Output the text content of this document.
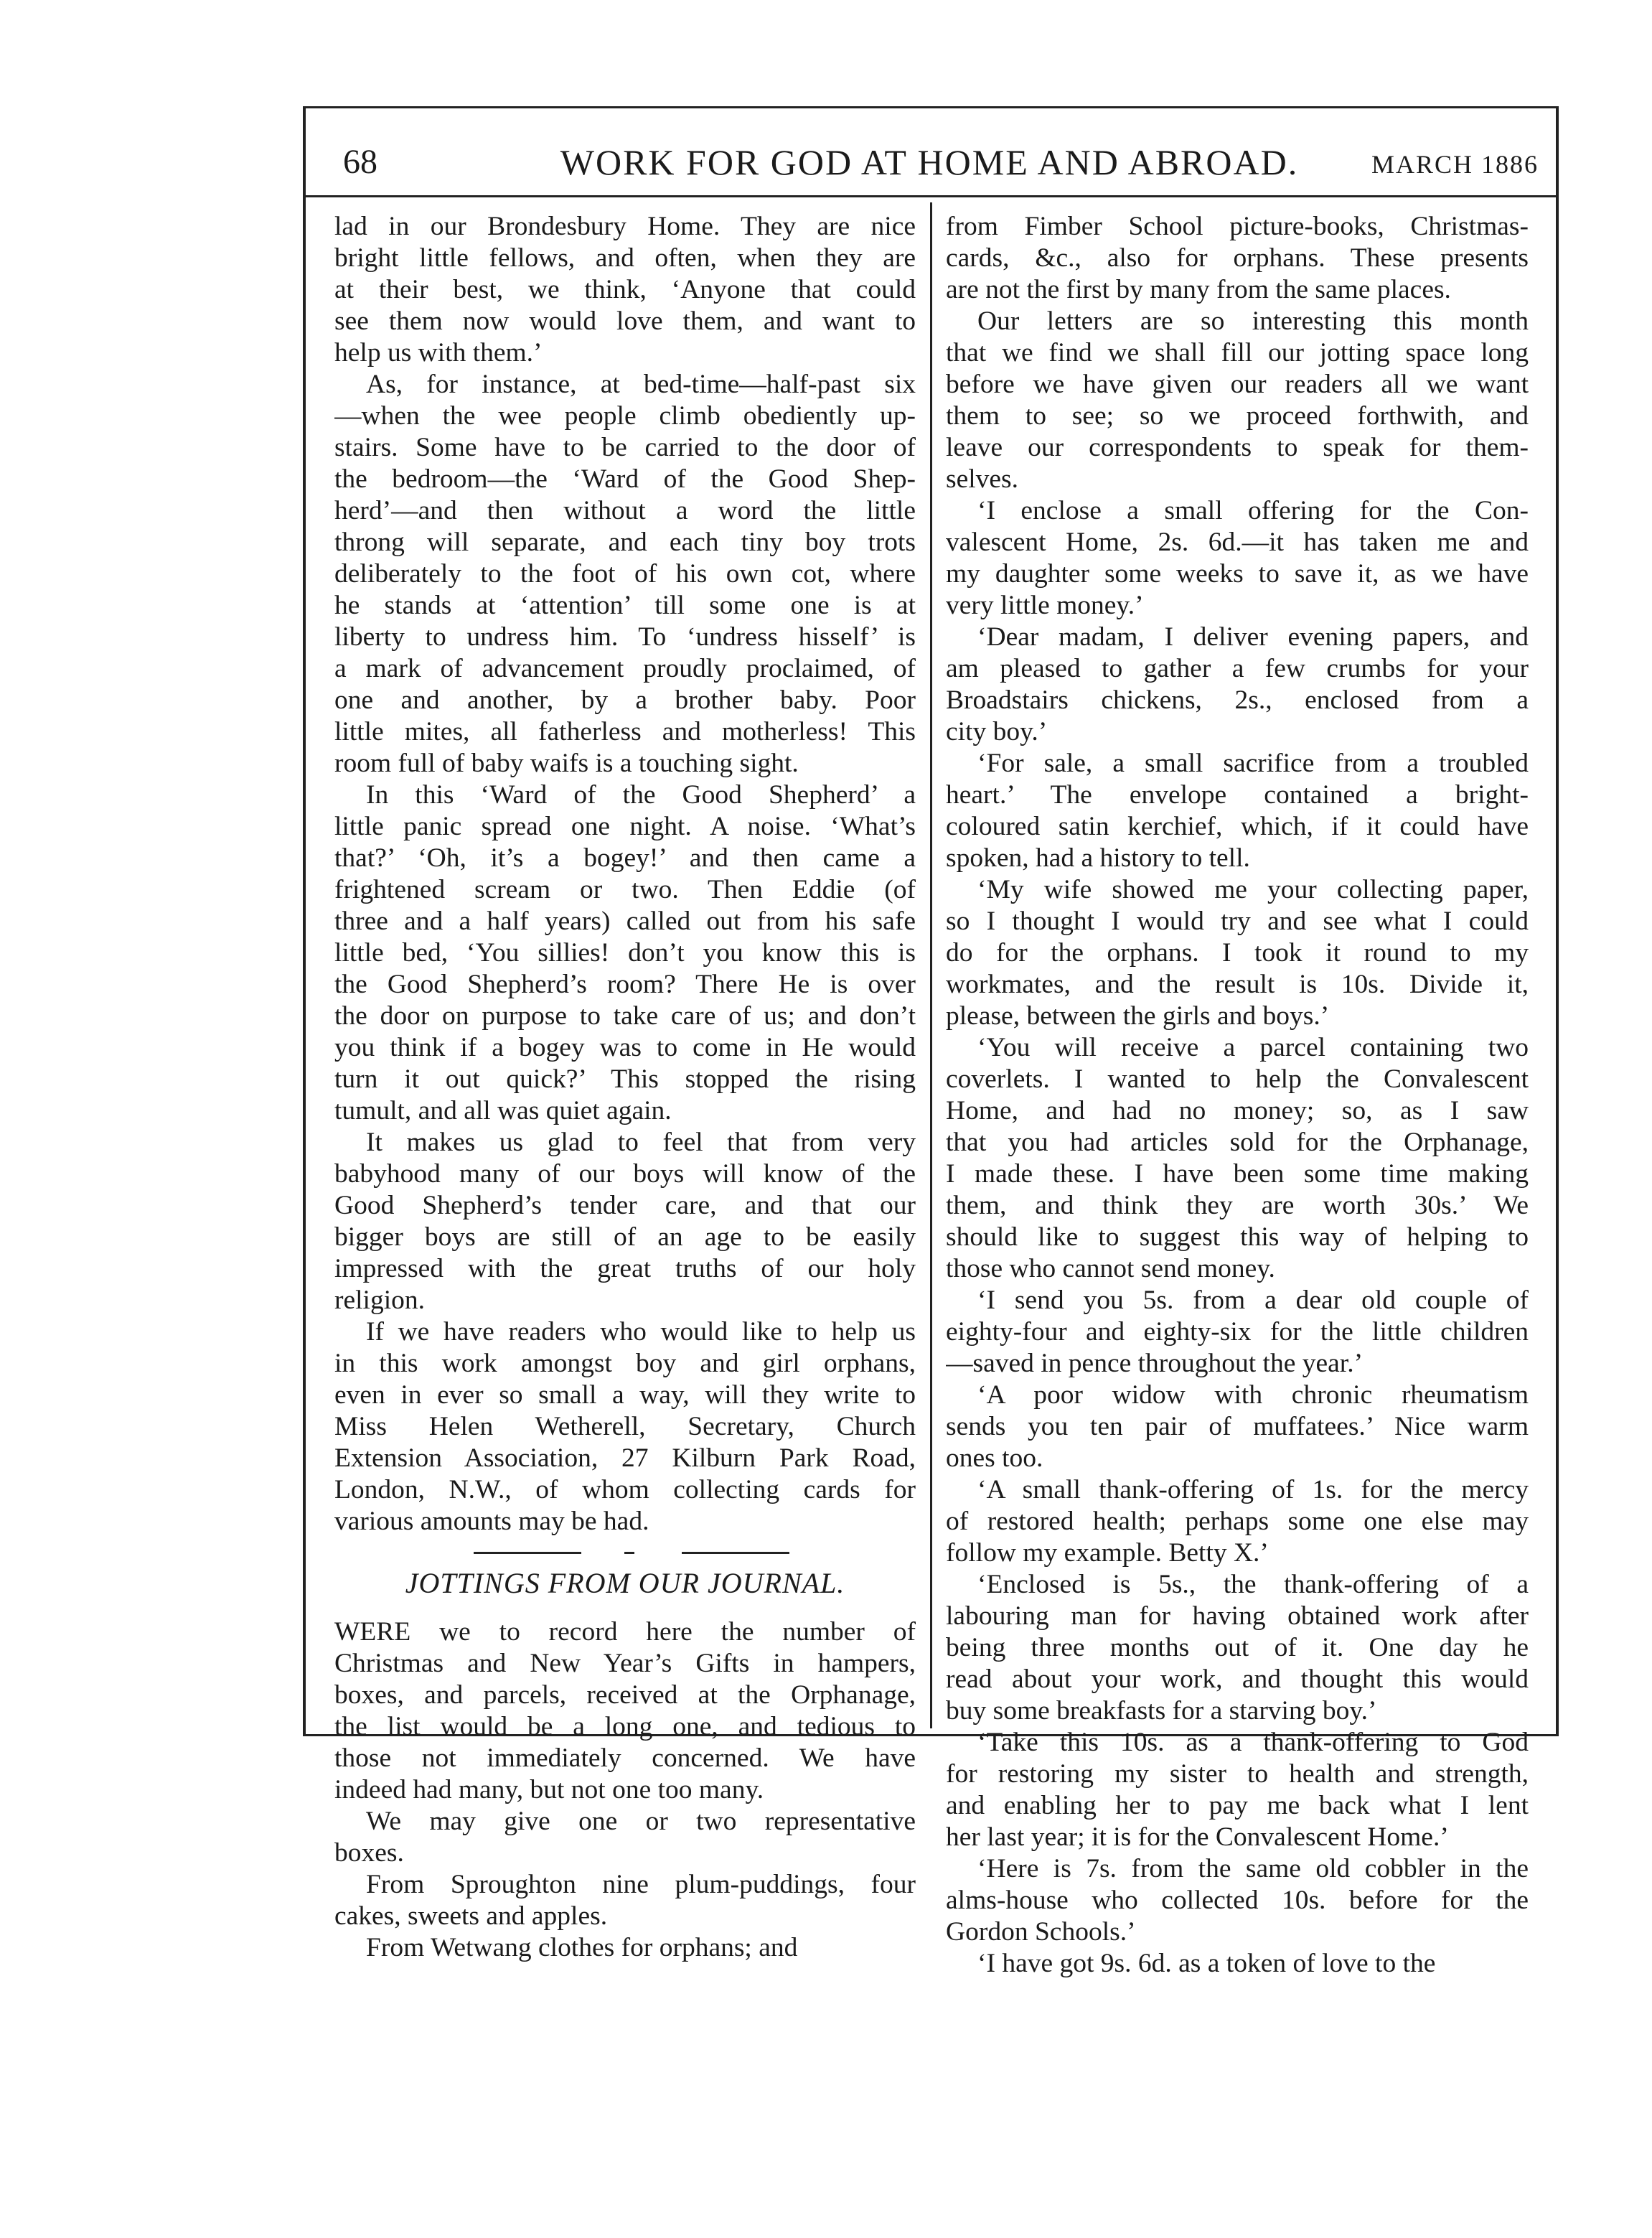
68	WORK FOR GOD AT HOME AND ABROAD.	MARCH 1886
lad in our Brondesbury Home. They are nice
bright little fellows, and often, when they are
at their best, we think, ‘Anyone that could
see them now would love them, and want to
help us with them.’
As, for instance, at bed-time—half-past six
—when the wee people climb obediently up-
stairs. Some have to be carried to the door of
the bedroom—the ‘Ward of the Good Shep-
herd’—and then without a word the little
throng will separate, and each tiny boy trots
deliberately to the foot of his own cot, where
he stands at ‘attention’ till some one is at
liberty to undress him. To ‘undress hisself’ is
a mark of advancement proudly proclaimed, of
one and another, by a brother baby. Poor
little mites, all fatherless and motherless! This
room full of baby waifs is a touching sight.
In this ‘Ward of the Good Shepherd’ a
little panic spread one night. A noise. ‘What’s
that?’ ‘Oh, it’s a bogey!’ and then came a
frightened scream or two. Then Eddie (of
three and a half years) called out from his safe
little bed, ‘You sillies! don’t you know this is
the Good Shepherd’s room? There He is over
the door on purpose to take care of us; and don’t
you think if a bogey was to come in He would
turn it out quick?’ This stopped the rising
tumult, and all was quiet again.
It makes us glad to feel that from very
babyhood many of our boys will know of the
Good Shepherd’s tender care, and that our
bigger boys are still of an age to be easily
impressed with the great truths of our holy
religion.
If we have readers who would like to help us
in this work amongst boy and girl orphans,
even in ever so small a way, will they write to
Miss Helen Wetherell, Secretary, Church
Extension Association, 27 Kilburn Park Road,
London, N.W., of whom collecting cards for
various amounts may be had.
JOTTINGS FROM OUR JOURNAL.
WERE we to record here the number of
Christmas and New Year’s Gifts in hampers,
boxes, and parcels, received at the Orphanage,
the list would be a long one, and tedious to
those not immediately concerned. We have
indeed had many, but not one too many.
We may give one or two representative
boxes.
From Sproughton nine plum-puddings, four
cakes, sweets and apples.
From Wetwang clothes for orphans; and
from Fimber School picture-books, Christmas-
cards, &c., also for orphans. These presents
are not the first by many from the same places.
Our letters are so interesting this month
that we find we shall fill our jotting space long
before we have given our readers all we want
them to see; so we proceed forthwith, and
leave our correspondents to speak for them-
selves.
‘I enclose a small offering for the Con-
valescent Home, 2s. 6d.—it has taken me and
my daughter some weeks to save it, as we have
very little money.’
‘Dear madam, I deliver evening papers, and
am pleased to gather a few crumbs for your
Broadstairs chickens, 2s., enclosed from a
city boy.’
‘For sale, a small sacrifice from a troubled
heart.’ The envelope contained a bright-
coloured satin kerchief, which, if it could have
spoken, had a history to tell.
‘My wife showed me your collecting paper,
so I thought I would try and see what I could
do for the orphans. I took it round to my
workmates, and the result is 10s. Divide it,
please, between the girls and boys.’
‘You will receive a parcel containing two
coverlets. I wanted to help the Convalescent
Home, and had no money; so, as I saw
that you had articles sold for the Orphanage,
I made these. I have been some time making
them, and think they are worth 30s.’ We
should like to suggest this way of helping to
those who cannot send money.
‘I send you 5s. from a dear old couple of
eighty-four and eighty-six for the little children
—saved in pence throughout the year.’
‘A poor widow with chronic rheumatism
sends you ten pair of muffatees.’ Nice warm
ones too.
‘A small thank-offering of 1s. for the mercy
of restored health; perhaps some one else may
follow my example. Betty X.’
‘Enclosed is 5s., the thank-offering of a
labouring man for having obtained work after
being three months out of it. One day he
read about your work, and thought this would
buy some breakfasts for a starving boy.’
‘Take this 10s. as a thank-offering to God
for restoring my sister to health and strength,
and enabling her to pay me back what I lent
her last year; it is for the Convalescent Home.’
‘Here is 7s. from the same old cobbler in the
alms-house who collected 10s. before for the
Gordon Schools.’
‘I have got 9s. 6d. as a token of love to the
